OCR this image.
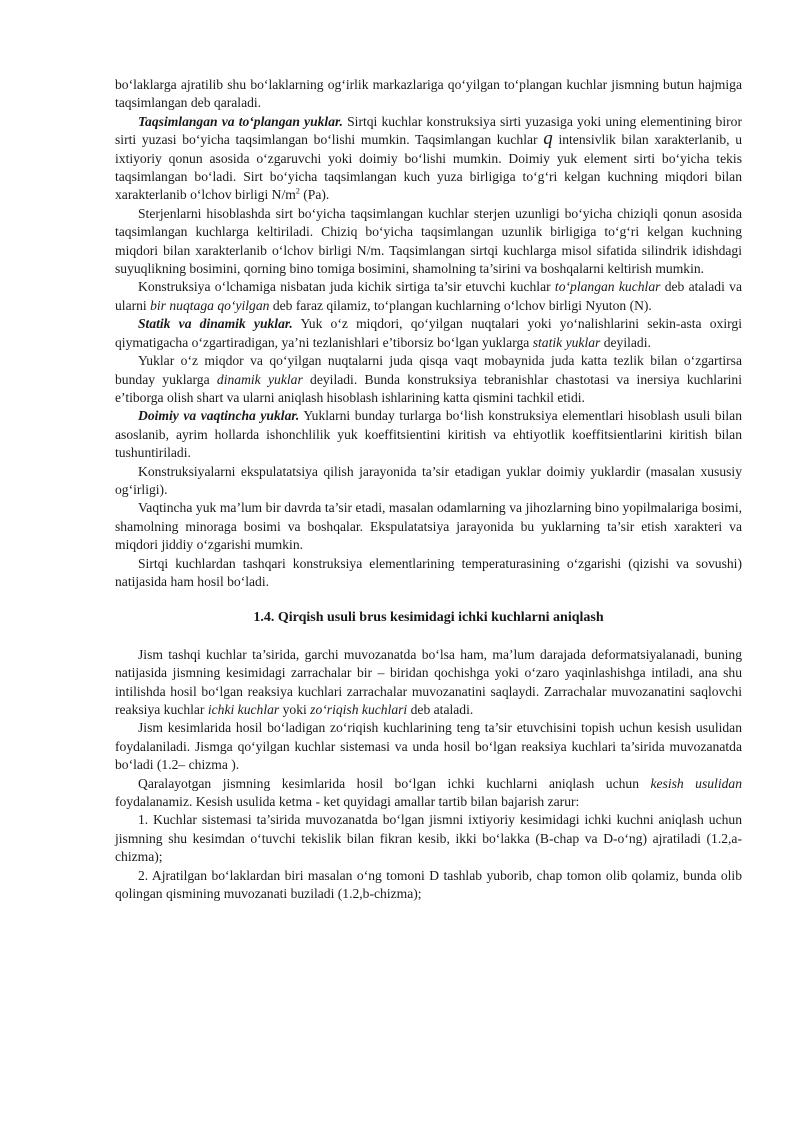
bo‘laklarga ajratilib shu bo‘laklarning og‘irlik markazlariga qo‘yilgan to‘plangan kuchlar jismning butun hajmiga taqsimlangan deb qaraladi.

Taqsimlangan va to‘plangan yuklar. Sirtqi kuchlar konstruksiya sirti yuzasiga yoki uning elementining biror sirti yuzasi bo‘yicha taqsimlangan bo‘lishi mumkin. Taqsimlangan kuchlar q intensivlik bilan xarakterlanib, u ixtiyoriy qonun asosida o‘zgaruvchi yoki doimiy bo‘lishi mumkin. Doimiy yuk element sirti bo‘yicha tekis taqsimlangan bo‘ladi. Sirt bo‘yicha taqsimlangan kuch yuza birligiga to‘g‘ri kelgan kuchning miqdori bilan xarakterlanib o‘lchov birligi $N/m^2$ (Pa).

Sterjenlarni hisoblashda sirt bo‘yicha taqsimlangan kuchlar sterjen uzunligi bo‘yicha chiziqli qonun asosida taqsimlangan kuchlarga keltiriladi. Chiziq bo‘yicha taqsimlangan uzunlik birligiga to‘g‘ri kelgan kuchning miqdori bilan xarakterlanib o‘lchov birligi N/m. Taqsimlangan sirtqi kuchlarga misol sifatida silindrik idishdagi suyuqlikning bosimini, qorning bino tomiga bosimini, shamolning ta’sirini va boshqalarni keltirish mumkin.

Konstruksiya o‘lchamiga nisbatan juda kichik sirtiga ta’sir etuvchi kuchlar to‘plangan kuchlar deb ataladi va ularni bir nuqtaga qo‘yilgan deb faraz qilamiz, to‘plangan kuchlarning o‘lchov birligi Nyuton (N).

Statik va dinamik yuklar. Yuk o‘z miqdori, qo‘yilgan nuqtalari yoki yo‘nalishlarini sekin-asta oxirgi qiymatigacha o‘zgartiradigan, ya’ni tezlanishlari e’tiborsiz bo‘lgan yuklarga statik yuklar deyiladi.

Yuklar o‘z miqdor va qo‘yilgan nuqtalarni juda qisqa vaqt mobaynida juda katta tezlik bilan o‘zgartirsa bunday yuklarga dinamik yuklar deyiladi. Bunda konstruksiya tebranishlar chastotasi va inersiya kuchlarini e’tiborga olish shart va ularni aniqlash hisoblash ishlarining katta qismini tachkil etidi.

Doimiy va vaqtincha yuklar. Yuklarni bunday turlarga bo‘lish konstruksiya elementlari hisoblash usuli bilan asoslanib, ayrim hollarda ishonchlilik yuk koeffitsientini kiritish va ehtiyotlik koeffitsientlarini kiritish bilan tushuntiriladi.

Konstruksiyalarni ekspulatatsiya qilish jarayonida ta’sir etadigan yuklar doimiy yuklardir (masalan xususiy og‘irligi).

Vaqtincha yuk ma’lum bir davrda ta’sir etadi, masalan odamlarning va jihozlarning bino yopilmalariga bosimi, shamolning minoraga bosimi va boshqalar. Ekspulatatsiya jarayonida bu yuklarning ta’sir etish xarakteri va miqdori jiddiy o‘zgarishi mumkin.

Sirtqi kuchlardan tashqari konstruksiya elementlarining temperaturasining o‘zgarishi (qizishi va sovushi) natijasida ham hosil bo‘ladi.

1.4. Qirqish usuli brus kesimidagi ichki kuchlarni aniqlash

Jism tashqi kuchlar ta’sirida, garchi muvozanatda bo‘lsa ham, ma’lum darajada deformatsiyalanadi, buning natijasida jismning kesimidagi zarrachalar bir – biridan qochishga yoki o‘zaro yaqinlashishga intiladi, ana shu intilishda hosil bo‘lgan reaksiya kuchlari zarrachalar muvozanatini saqlaydi. Zarrachalar muvozanatini saqlovchi reaksiya kuchlar ichki kuchlar yoki zo‘riqish kuchlari deb ataladi.

Jism kesimlarida hosil bo‘ladigan zo‘riqish kuchlarining teng ta’sir etuvchisini topish uchun kesish usulidan foydalaniladi. Jismga qo‘yilgan kuchlar sistemasi va unda hosil bo‘lgan reaksiya kuchlari ta’sirida muvozanatda bo‘ladi (1.2– chizma ).

Qaralayotgan jismning kesimlarida hosil bo‘lgan ichki kuchlarni aniqlash uchun kesish usulidan foydalanamiz. Kesish usulida ketma - ket quyidagi amallar tartib bilan bajarish zarur:

1. Kuchlar sistemasi ta’sirida muvozanatda bo‘lgan jismni ixtiyoriy kesimidagi ichki kuchni aniqlash uchun jismning shu kesimdan o‘tuvchi tekislik bilan fikran kesib, ikki bo‘lakka (B-chap va D-o‘ng) ajratiladi (1.2,a-chizma);

2. Ajratilgan bo‘laklardan biri masalan o‘ng tomoni D tashlab yuborib, chap tomon olib qolamiz, bunda olib qolingan qismining muvozanati buziladi (1.2,b-chizma);
